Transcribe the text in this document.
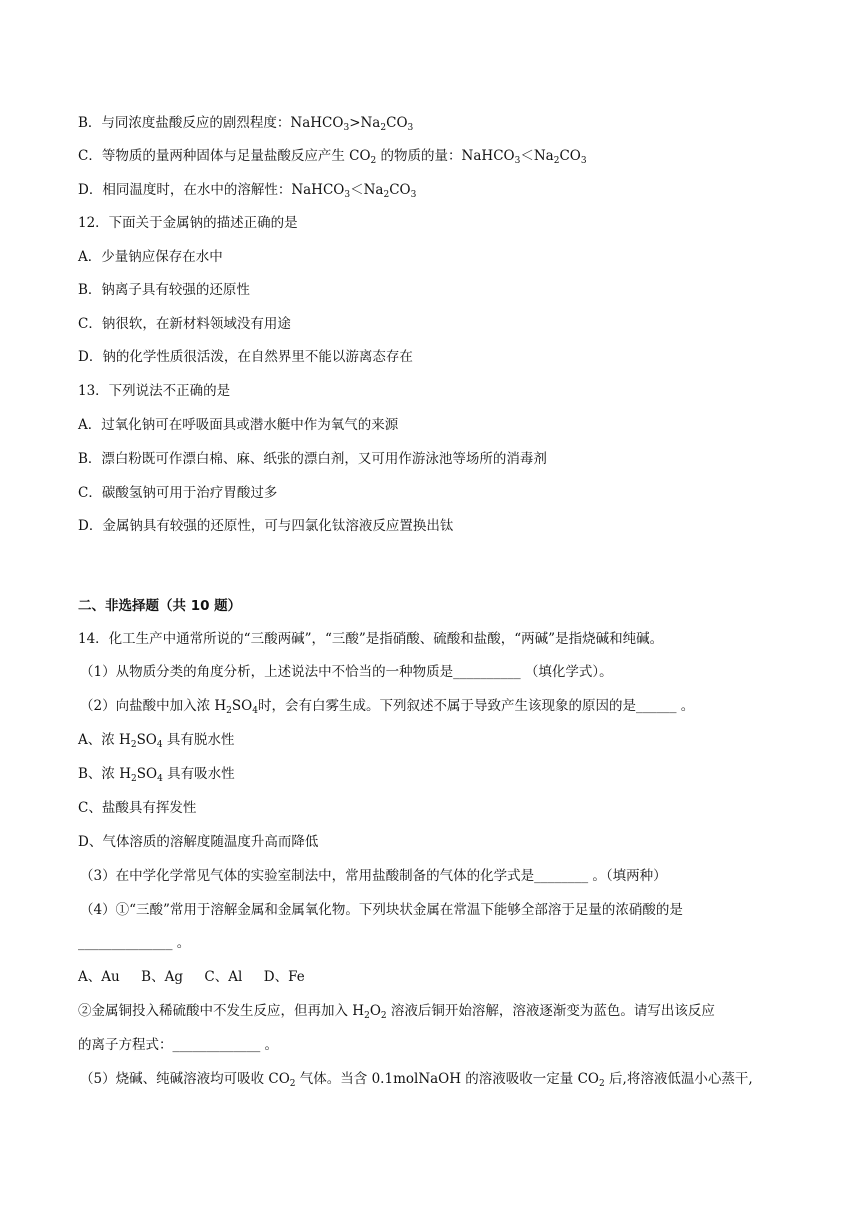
B．与同浓度盐酸反应的剧烈程度：$NaHCO_3>Na_2CO_3$
C．等物质的量两种固体与足量盐酸反应产生 $CO_2$ 的物质的量：$NaHCO_3<Na_2CO_3$
D．相同温度时，在水中的溶解性：$NaHCO_3<Na_2CO_3$
12．下面关于金属钠的描述正确的是
A．少量钠应保存在水中
B．钠离子具有较强的还原性
C．钠很软，在新材料领域没有用途
D．钠的化学性质很活泼，在自然界里不能以游离态存在
13．下列说法不正确的是
A．过氧化钠可在呼吸面具或潜水艇中作为氧气的来源
B．漂白粉既可作漂白棉、麻、纸张的漂白剂，又可用作游泳池等场所的消毒剂
C．碳酸氢钠可用于治疗胃酸过多
D．金属钠具有较强的还原性，可与四氯化钛溶液反应置换出钛
二、非选择题（共 10 题）
14．化工生产中通常所说的“三酸两碱”，“三酸”是指硝酸、硫酸和盐酸，“两碱”是指烧碱和纯碱。
（1）从物质分类的角度分析，上述说法中不恰当的一种物质是__________ （填化学式）。
（2）向盐酸中加入浓 $H_2SO_4$时，会有白雾生成。下列叙述不属于导致产生该现象的原因的是______ 。
A、浓 $H_2SO_4$ 具有脱水性
B、浓 $H_2SO_4$ 具有吸水性
C、盐酸具有挥发性
D、气体溶质的溶解度随温度升高而降低
（3）在中学化学常见气体的实验室制法中，常用盐酸制备的气体的化学式是________ 。（填两种）
（4）①“三酸”常用于溶解金属和金属氧化物。下列块状金属在常温下能够全部溶于足量的浓硝酸的是
______________ 。
A、Au     B、Ag     C、Al     D、Fe
②金属铜投入稀硫酸中不发生反应，但再加入 $H_2O_2$ 溶液后铜开始溶解，溶液逐渐变为蓝色。请写出该反应
的离子方程式：_____________ 。
（5）烧碱、纯碱溶液均可吸收 $CO_2$ 气体。当含 0.1molNaOH 的溶液吸收一定量 $CO_2$ 后,将溶液低温小心蒸干,
